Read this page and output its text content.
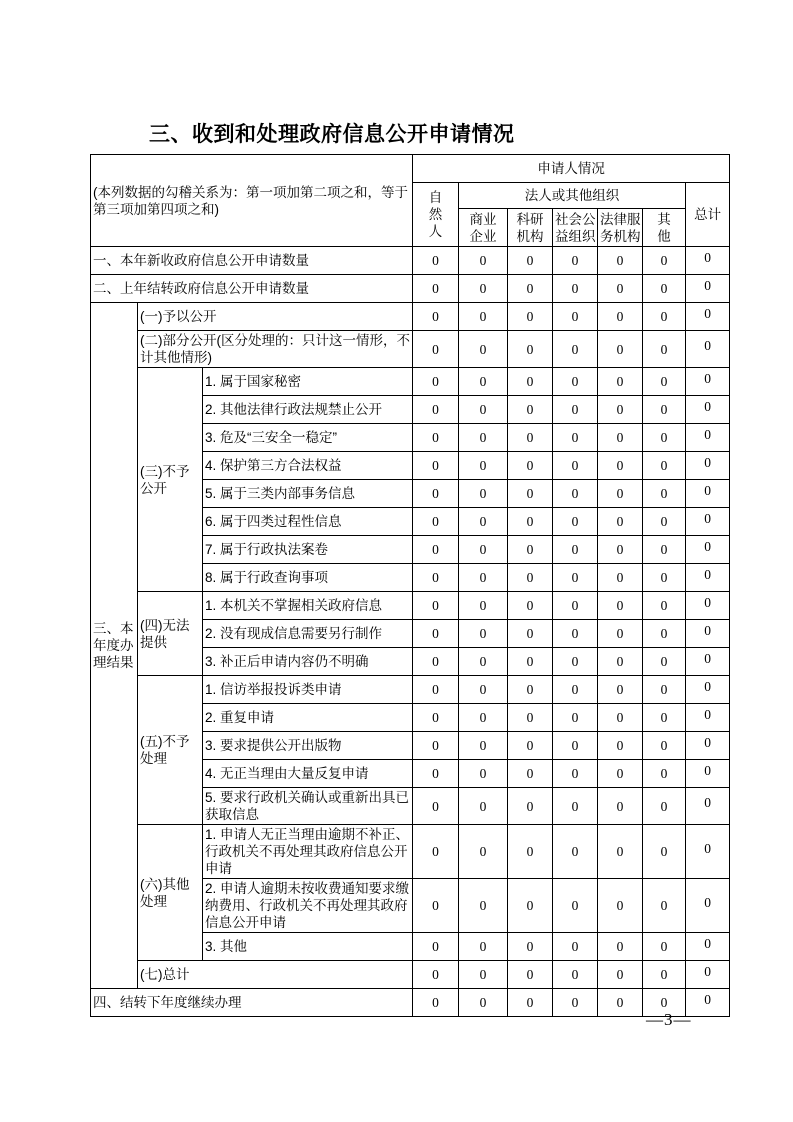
三、收到和处理政府信息公开申请情况
(本列数据的勾稽关系为：第一项加第二项之和，等于第三项加第四项之和)			申请人情况						

			自然人	法人或其他组织					总计

				商业企业	科研机构	社会公益组织	法律服务机构	其他	

一、本年新收政府信息公开申请数量			0	0	0	0	0	0	0
二、上年结转政府信息公开申请数量			0	0	0	0	0	0	0
三、本年度办理结果	(一)予以公开		0	0	0	0	0	0	0
	(二)部分公开(区分处理的：只计这一情形，不计其他情形)		0	0	0	0	0	0	0
	(三)不予公开	1. 属于国家秘密	0	0	0	0	0	0	0
		2. 其他法律行政法规禁止公开	0	0	0	0	0	0	0
		3. 危及“三安全一稳定”	0	0	0	0	0	0	0
		4. 保护第三方合法权益	0	0	0	0	0	0	0
		5. 属于三类内部事务信息	0	0	0	0	0	0	0
		6. 属于四类过程性信息	0	0	0	0	0	0	0
		7. 属于行政执法案卷	0	0	0	0	0	0	0
		8. 属于行政查询事项	0	0	0	0	0	0	0
	(四)无法提供	1. 本机关不掌握相关政府信息	0	0	0	0	0	0	0
		2. 没有现成信息需要另行制作	0	0	0	0	0	0	0
		3. 补正后申请内容仍不明确	0	0	0	0	0	0	0
	(五)不予处理	1. 信访举报投诉类申请	0	0	0	0	0	0	0
		2. 重复申请	0	0	0	0	0	0	0
		3. 要求提供公开出版物	0	0	0	0	0	0	0
		4. 无正当理由大量反复申请	0	0	0	0	0	0	0
		5. 要求行政机关确认或重新出具已获取信息	0	0	0	0	0	0	0
	(六)其他处理	1. 申请人无正当理由逾期不补正、行政机关不再处理其政府信息公开申请	0	0	0	0	0	0	0
		2. 申请人逾期未按收费通知要求缴纳费用、行政机关不再处理其政府信息公开申请	0	0	0	0	0	0	0
		3. 其他	0	0	0	0	0	0	0
	(七)总计		0	0	0	0	0	0	0
四、结转下年度继续办理			0	0	0	0	0	0	0
—3—
